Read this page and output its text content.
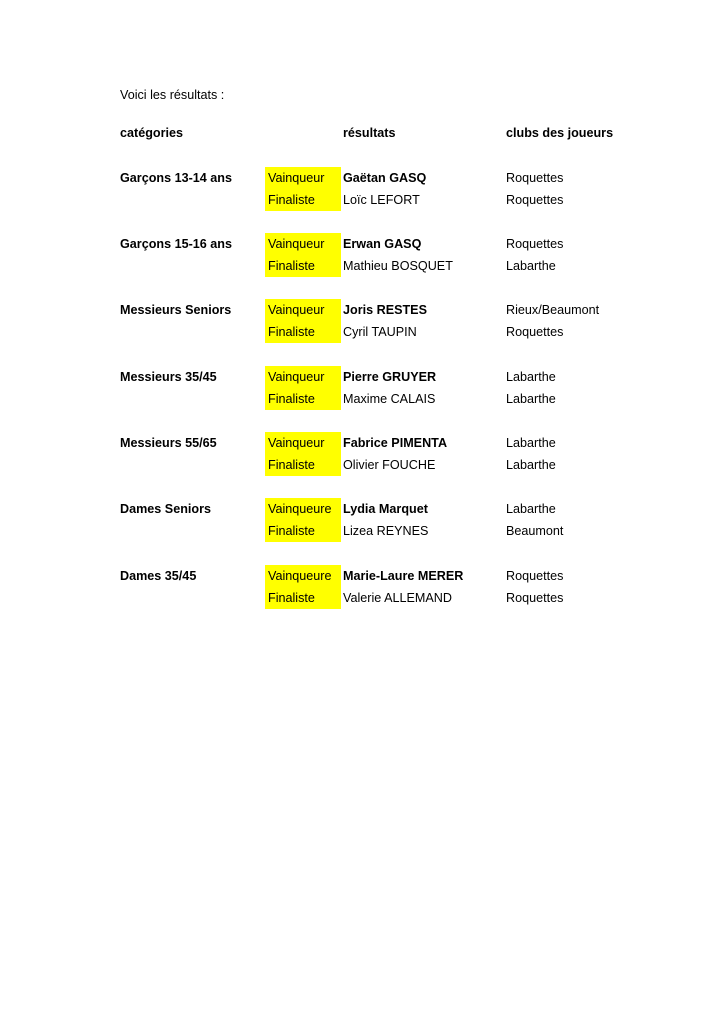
Voici les résultats :
catégories	résultats	clubs des joueurs
Garçons 13-14 ans	Vainqueur	Gaëtan GASQ	Roquettes
Finaliste	Loïc LEFORT	Roquettes
Garçons 15-16 ans	Vainqueur	Erwan GASQ	Roquettes
Finaliste	Mathieu BOSQUET	Labarthe
Messieurs Seniors	Vainqueur	Joris RESTES	Rieux/Beaumont
Finaliste	Cyril TAUPIN	Roquettes
Messieurs 35/45	Vainqueur	Pierre GRUYER	Labarthe
Finaliste	Maxime CALAIS	Labarthe
Messieurs 55/65	Vainqueur	Fabrice PIMENTA	Labarthe
Finaliste	Olivier FOUCHE	Labarthe
Dames Seniors	Vainqueure Lydia Marquet	Labarthe
Finaliste	Lizea REYNES	Beaumont
Dames 35/45	Vainqueure Marie-Laure MERER	Roquettes
Finaliste	Valerie ALLEMAND	Roquettes
